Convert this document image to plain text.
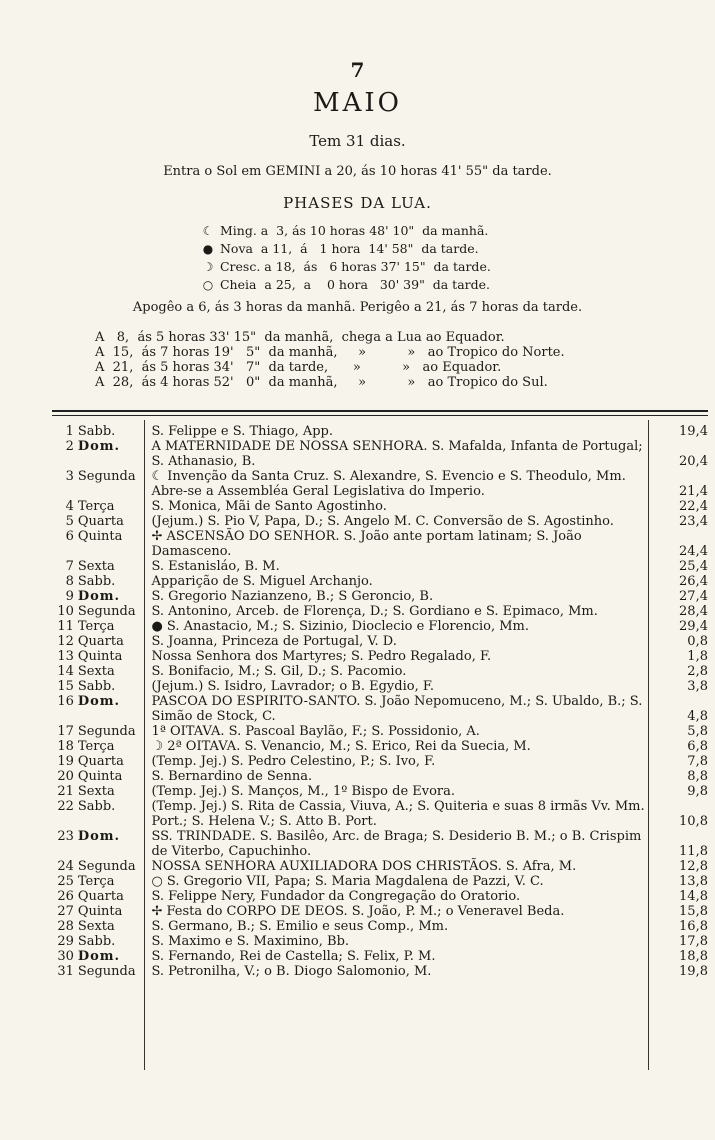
7
MAIO
Tem 31 dias.
Entra o Sol em GEMINI a 20, ás 10 horas 41' 55" da tarde.
PHASES DA LUA.
☾ Ming. a  3, ás 10 horas 48' 10"  da manhã.
● Nova  a 11,  á   1 hora  14' 58"  da tarde.
☽ Cresc. a 18,  ás   6 horas 37' 15"  da tarde.
○ Cheia  a 25,  a    0 hora   30' 39"  da tarde.
Apogêo a 6, ás 3 horas da manhã. Perigêo a 21, ás 7 horas da tarde.
A   8,  ás 5 horas 33' 15"  da manhã,  chega a Lua ao Equador.
A  15,  ás 7 horas 19'   5"  da manhã,     »          »   ao Tropico do Norte.
A  21,  ás 5 horas 34'   7"  da tarde,      »          »   ao Equador.
A  28,  ás 4 horas 52'   0"  da manhã,     »          »   ao Tropico do Sul.
1 Sabb.	S. Felippe e S. Thiago, App.	19,4
2 Dom.	A MATERNIDADE DE NOSSA SENHORA. S. Mafalda, Infanta de Portugal; S. Athanasio, B.	20,4
3 Segunda	☾ Invenção da Santa Cruz. S. Alexandre, S. Evencio e S. Theodulo, Mm. Abre-se a Assembléa Geral Legislativa do Imperio.	21,4
4 Terça	S. Monica, Mãi de Santo Agostinho.	22,4
5 Quarta	(Jejum.) S. Pio V, Papa, D.; S. Angelo M. C. Conversão de S. Agostinho.	23,4
6 Quinta	✢ ASCENSÃO DO SENHOR. S. João ante portam latinam; S. João Damasceno.	24,4
7 Sexta	S. Estanisláo, B. M.	25,4
8 Sabb.	Apparição de S. Miguel Archanjo.	26,4
9 Dom.	S. Gregorio Nazianzeno, B.; S Geroncio, B.	27,4
10 Segunda	S. Antonino, Arceb. de Florença, D.; S. Gordiano e S. Epimaco, Mm.	28,4
11 Terça	● S. Anastacio, M.; S. Sizinio, Dioclecio e Florencio, Mm.	29,4
12 Quarta	S. Joanna, Princeza de Portugal, V. D.	0,8
13 Quinta	Nossa Senhora dos Martyres; S. Pedro Regalado, F.	1,8
14 Sexta	S. Bonifacio, M.; S. Gil, D.; S. Pacomio.	2,8
15 Sabb.	(Jejum.) S. Isidro, Lavrador; o B. Egydio, F.	3,8
16 Dom.	PASCOA DO ESPIRITO-SANTO. S. João Nepomuceno, M.; S. Ubaldo, B.; S. Simão de Stock, C.	4,8
17 Segunda	1ª OITAVA. S. Pascoal Baylão, F.; S. Possidonio, A.	5,8
18 Terça	☽ 2ª OITAVA. S. Venancio, M.; S. Erico, Rei da Suecia, M.	6,8
19 Quarta	(Temp. Jej.) S. Pedro Celestino, P.; S. Ivo, F.	7,8
20 Quinta	S. Bernardino de Senna.	8,8
21 Sexta	(Temp. Jej.) S. Manços, M., 1º Bispo de Evora.	9,8
22 Sabb.	(Temp. Jej.) S. Rita de Cassia, Viuva, A.; S. Quiteria e suas 8 irmãs Vv. Mm. Port.; S. Helena V.; S. Atto B. Port.	10,8
23 Dom.	SS. TRINDADE. S. Basilêo, Arc. de Braga; S. Desiderio B. M.; o B. Crispim de Viterbo, Capuchinho.	11,8
24 Segunda	NOSSA SENHORA AUXILIADORA DOS CHRISTÃOS. S. Afra, M.	12,8
25 Terça	○ S. Gregorio VII, Papa; S. Maria Magdalena de Pazzi, V. C.	13,8
26 Quarta	S. Felippe Nery, Fundador da Congregação do Oratorio.	14,8
27 Quinta	✢ Festa do CORPO DE DEOS. S. João, P. M.; o Veneravel Beda.	15,8
28 Sexta	S. Germano, B.; S. Emilio e seus Comp., Mm.	16,8
29 Sabb.	S. Maximo e S. Maximino, Bb.	17,8
30 Dom.	S. Fernando, Rei de Castella; S. Felix, P. M.	18,8
31 Segunda	S. Petronilha, V.; o B. Diogo Salomonio, M.	19,8
